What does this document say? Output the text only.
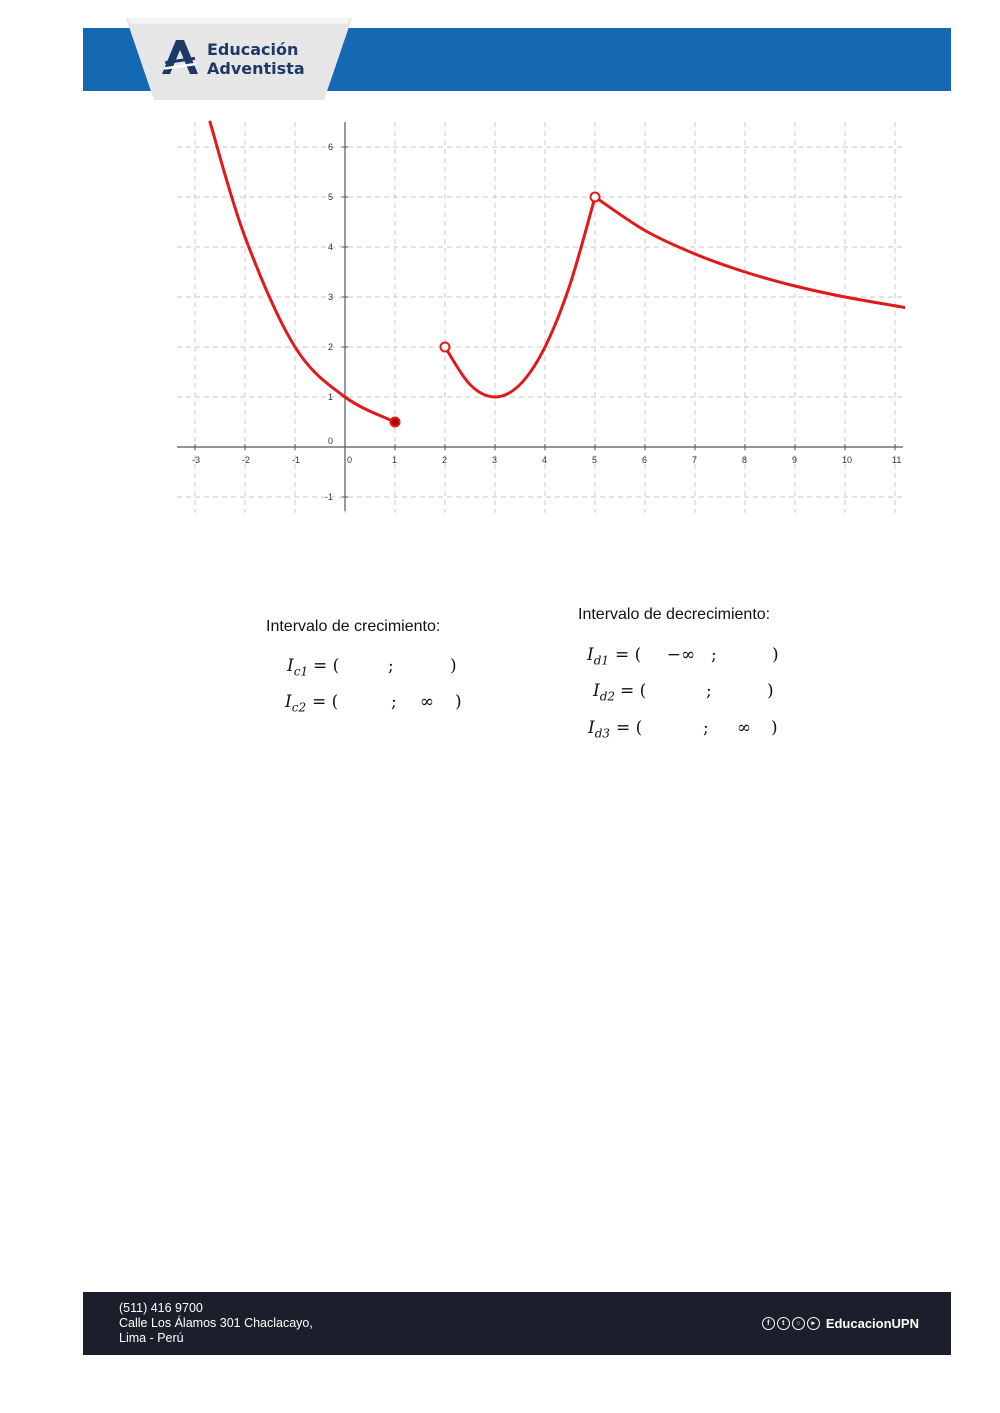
Educación
Adventista
-3	-2	-1	0	1	2	3	4	5	6	7	8	9	10	11
-1
0
1
2
3
4
5
6
Intervalo de crecimiento:
$I_{c1}$ = (	;	)
$I_{c2}$ = (	;	∞	)
Intervalo de decrecimiento:
$I_{d1}$ = (	−∞ ;	)
$I_{d2}$ = (	;	)
$I_{d3}$ = (	;	∞	)
(511) 416 9700
Calle Los Álamos 301 Chaclacayo,
Lima - Perú
f	t	○	▸ EducacionUPN
